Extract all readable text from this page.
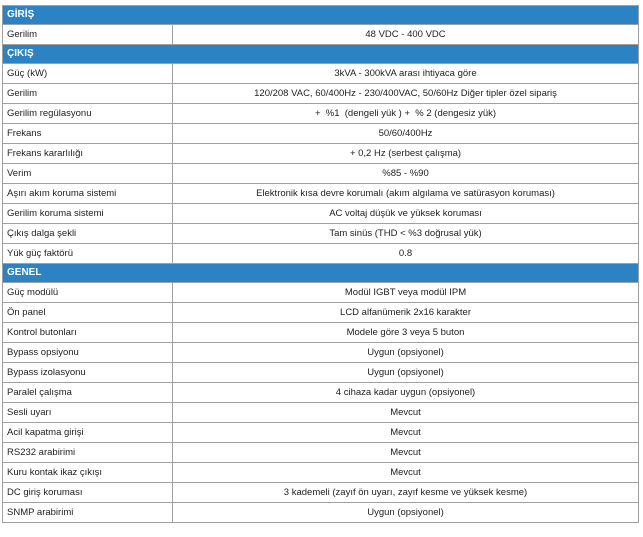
GİRİŞ	
Gerilim	48 VDC - 400 VDC
ÇIKIŞ	
Güç (kW)	3kVA - 300kVA arası ihtiyaca göre
Gerilim	120/208 VAC, 60/400Hz - 230/400VAC, 50/60Hz Diğer tipler özel sipariş
Gerilim regülasyonu	+  %1  (dengeli yük ) +  % 2 (dengesiz yük)
Frekans	50/60/400Hz
Frekans kararlılığı	+ 0,2 Hz (serbest çalışma)
Verim	%85 - %90
Aşırı akım koruma sistemi	Elektronik kısa devre korumalı (akım algılama ve satürasyon koruması)
Gerilim koruma sistemi	AC voltaj düşük ve yüksek koruması
Çıkış dalga şekli	Tam sinüs (THD < %3 doğrusal yük)
Yük güç faktörü	0.8
GENEL	
Güç modülü	Modül IGBT veya modül IPM
Ön panel	LCD alfanümerik 2x16 karakter
Kontrol butonları	Modele göre 3 veya 5 buton
Bypass opsiyonu	Uygun (opsiyonel)
Bypass izolasyonu	Uygun (opsiyonel)
Paralel çalışma	4 cihaza kadar uygun (opsiyonel)
Sesli uyarı	Mevcut
Acil kapatma girişi	Mevcut
RS232 arabirimi	Mevcut
Kuru kontak ikaz çıkışı	Mevcut
DC giriş koruması	3 kademeli (zayıf ön uyarı, zayıf kesme ve yüksek kesme)
SNMP arabirimi	Uygun (opsiyonel)
